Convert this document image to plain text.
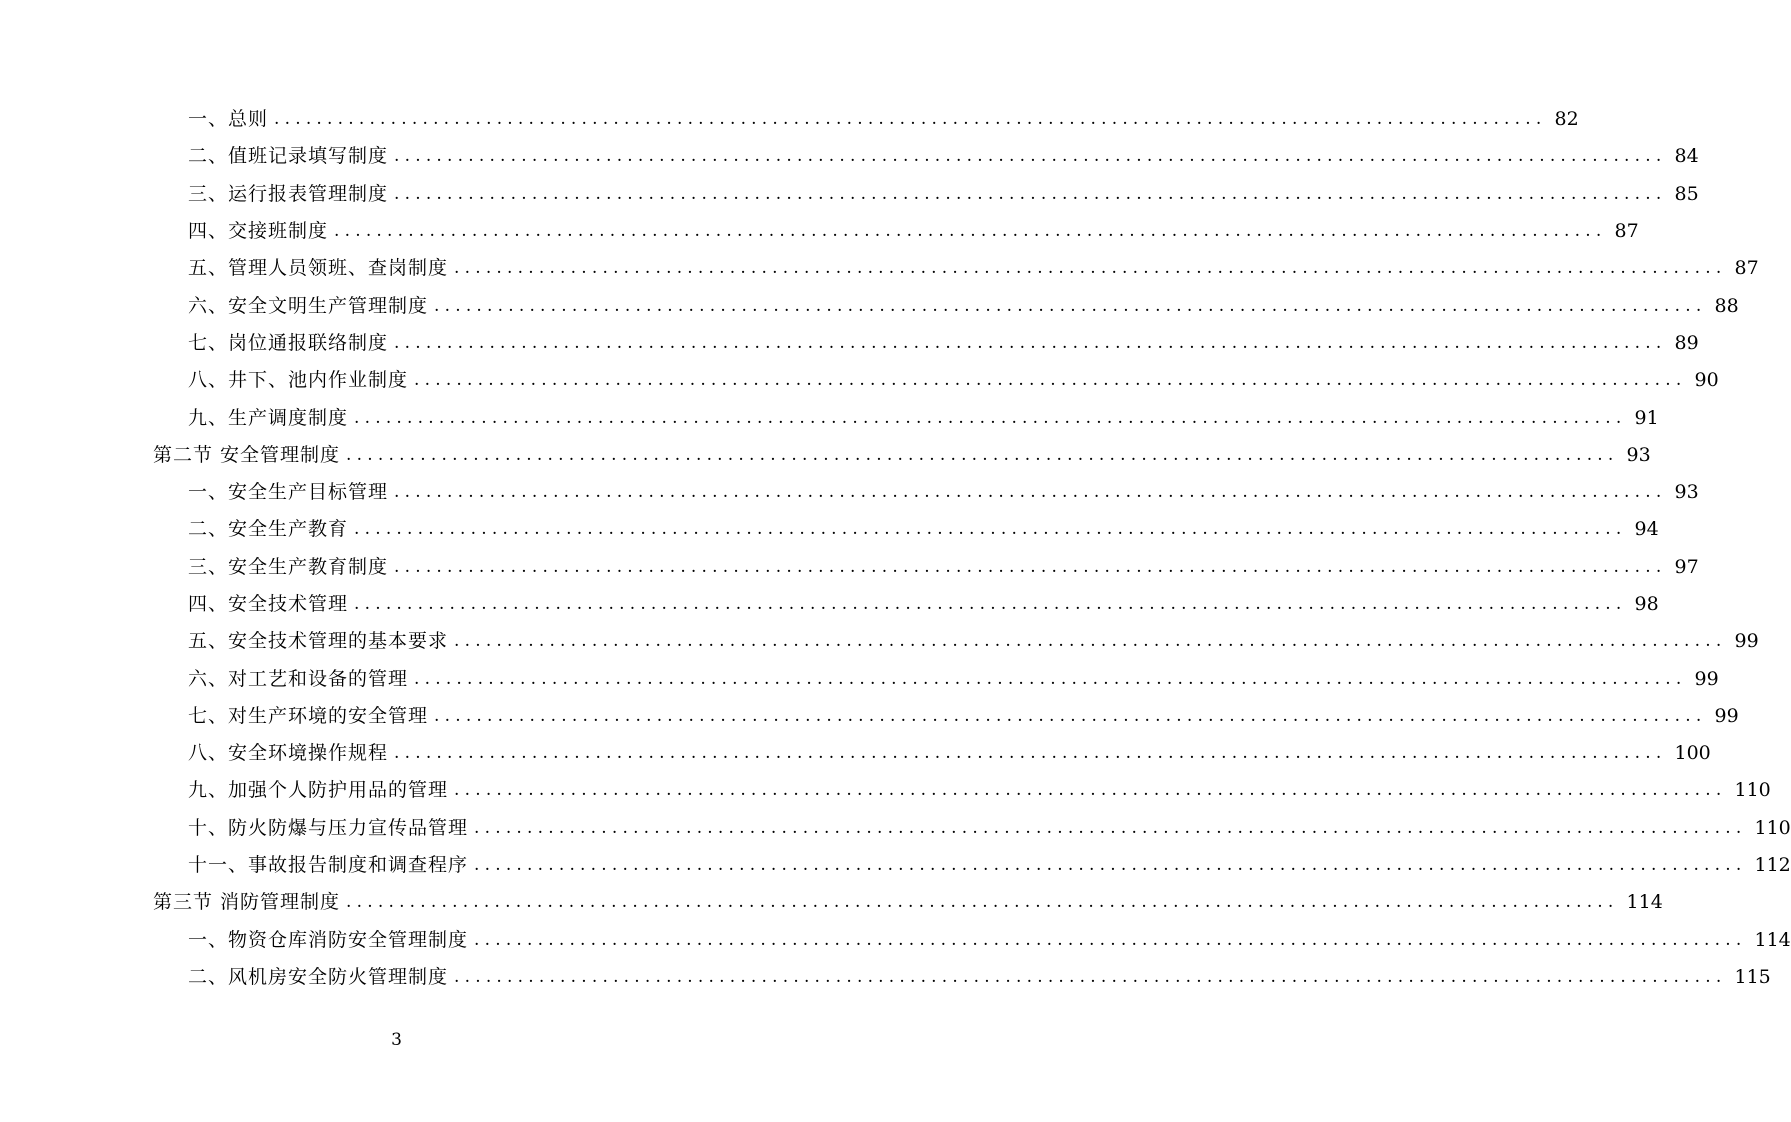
一、总则 ........................................................................................................................ 82
二、值班记录填写制度 ........................................................................................................................ 84
三、运行报表管理制度 ........................................................................................................................ 85
四、交接班制度 ........................................................................................................................ 87
五、管理人员领班、查岗制度 ........................................................................................................................ 87
六、安全文明生产管理制度 ........................................................................................................................ 88
七、岗位通报联络制度 ........................................................................................................................ 89
八、井下、池内作业制度 ........................................................................................................................ 90
九、生产调度制度 ........................................................................................................................ 91
第二节 安全管理制度 ........................................................................................................................ 93
一、安全生产目标管理 ........................................................................................................................ 93
二、安全生产教育 ........................................................................................................................ 94
三、安全生产教育制度 ........................................................................................................................ 97
四、安全技术管理 ........................................................................................................................ 98
五、安全技术管理的基本要求 ........................................................................................................................ 99
六、对工艺和设备的管理 ........................................................................................................................ 99
七、对生产环境的安全管理 ........................................................................................................................ 99
八、安全环境操作规程 ........................................................................................................................ 100
九、加强个人防护用品的管理 ........................................................................................................................ 110
十、防火防爆与压力宣传品管理 ........................................................................................................................ 110
十一、事故报告制度和调查程序 ........................................................................................................................ 112
第三节 消防管理制度 ........................................................................................................................ 114
一、物资仓库消防安全管理制度 ........................................................................................................................ 114
二、风机房安全防火管理制度 ........................................................................................................................ 115
3
